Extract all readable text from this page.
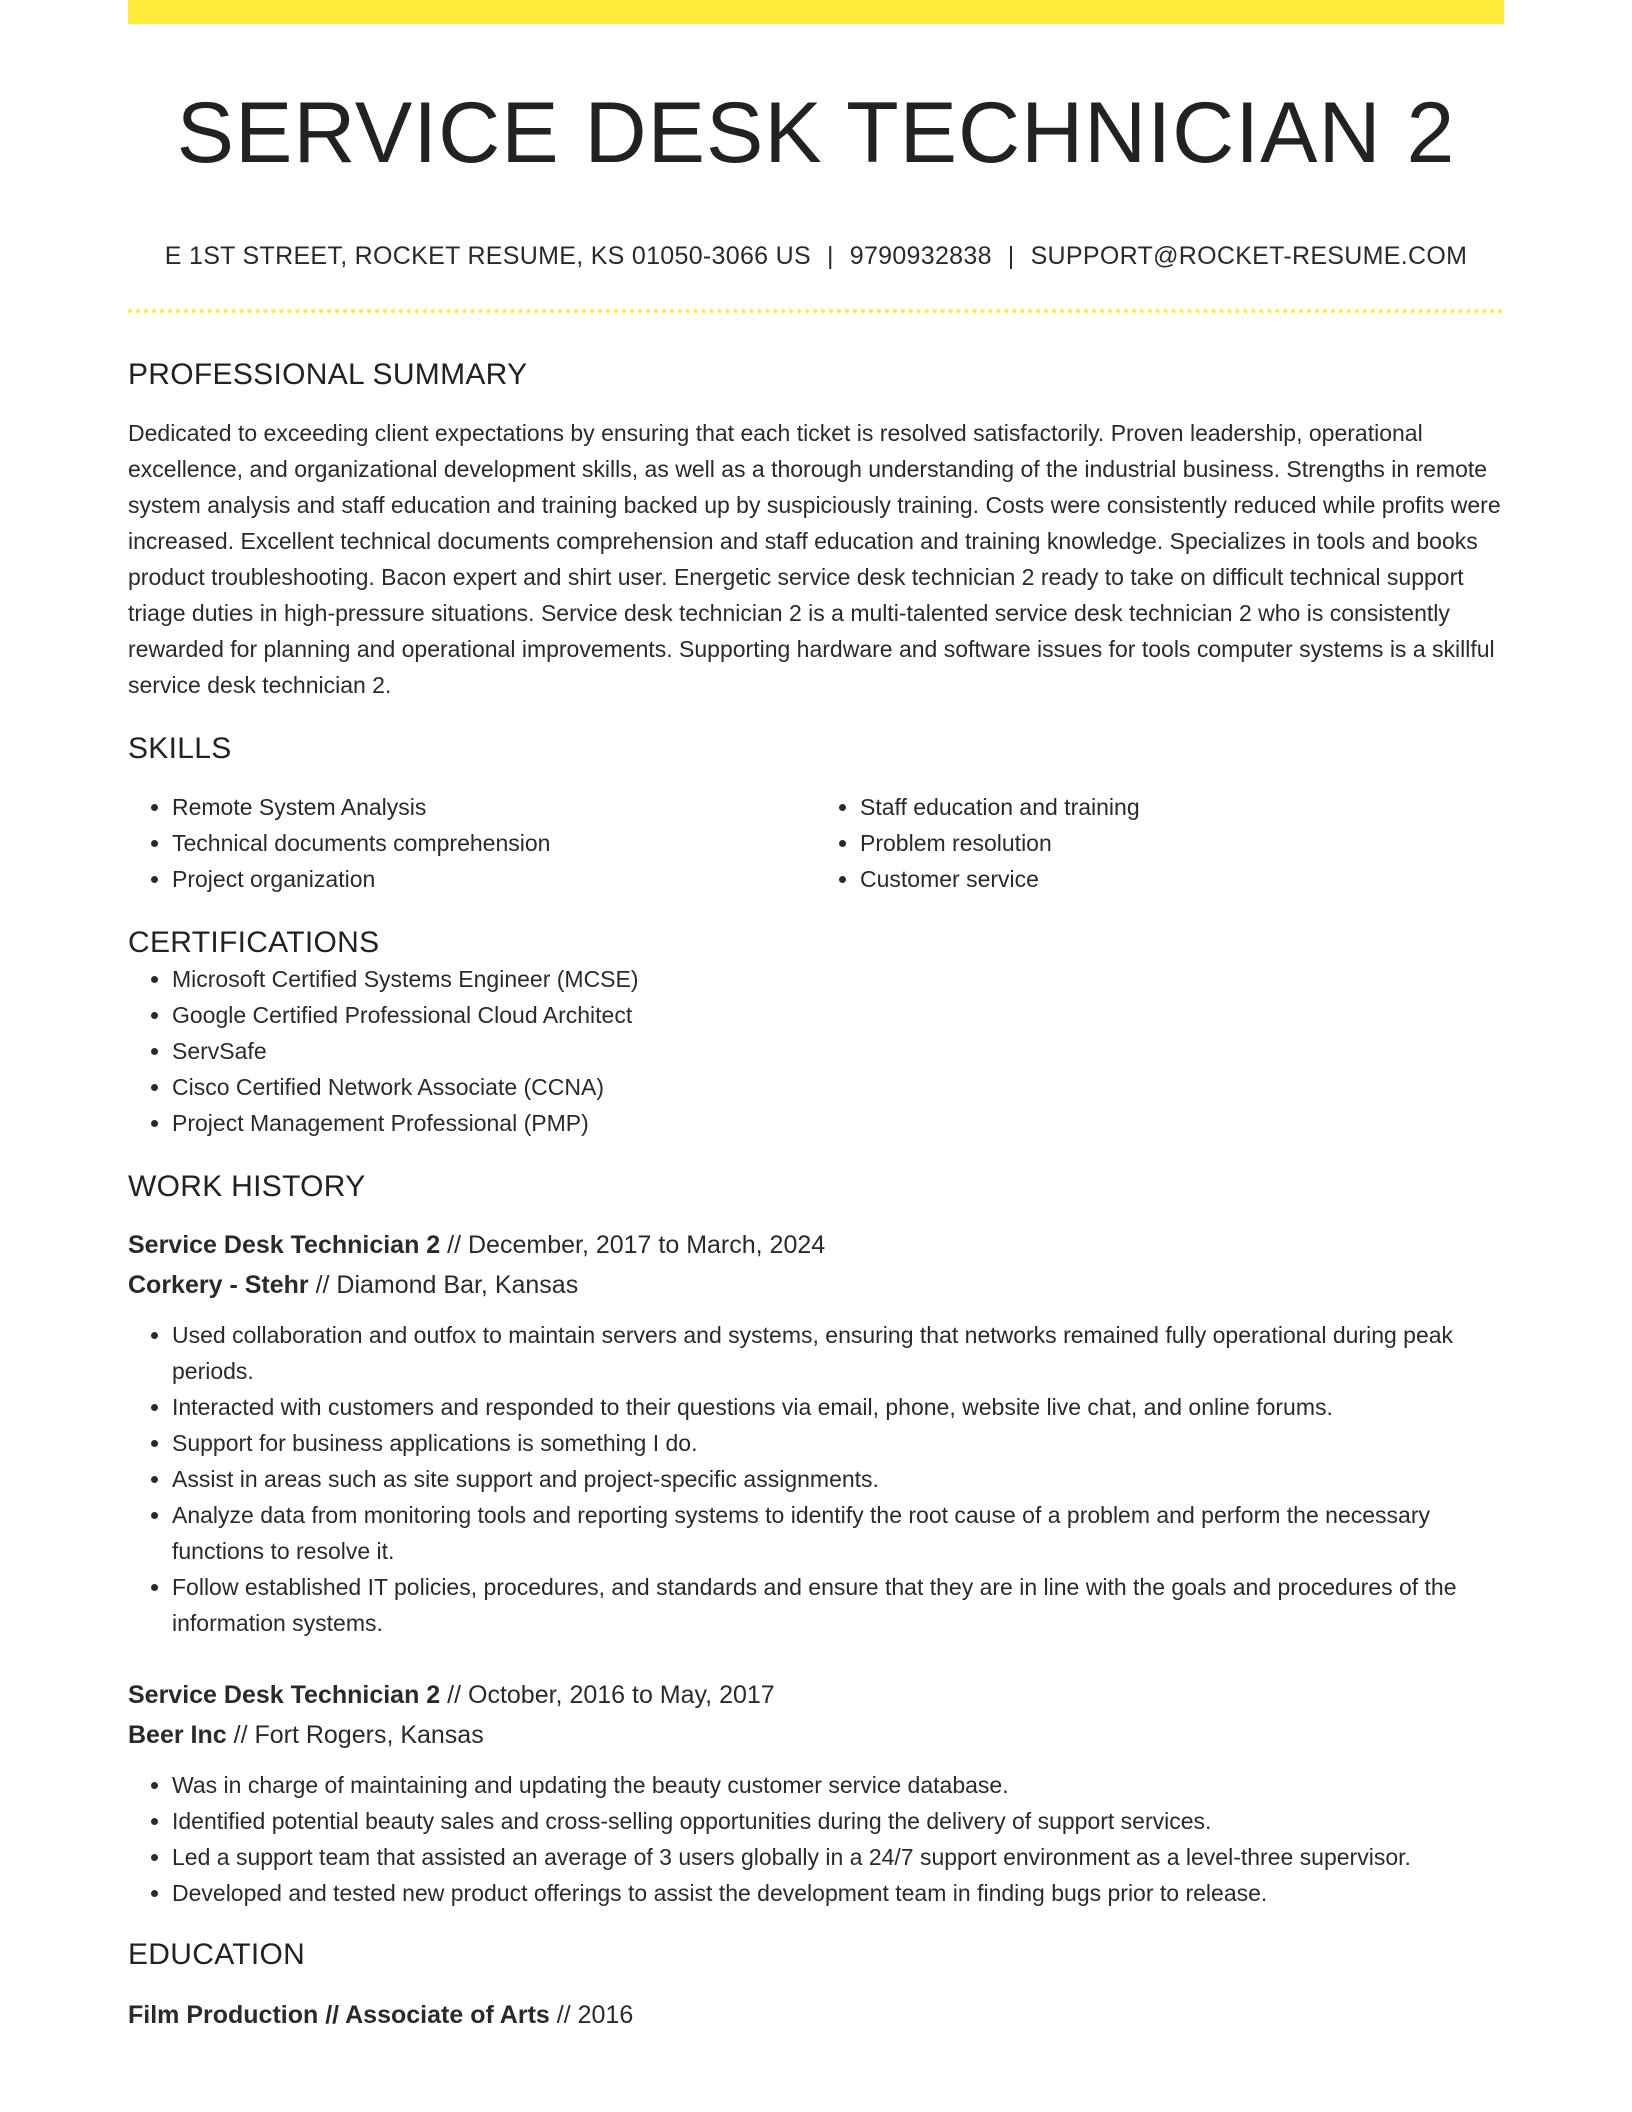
SERVICE DESK TECHNICIAN 2
E 1ST STREET, ROCKET RESUME, KS 01050-3066 US | 9790932838 | SUPPORT@ROCKET-RESUME.COM
PROFESSIONAL SUMMARY

Dedicated to exceeding client expectations by ensuring that each ticket is resolved satisfactorily. Proven leadership, operational excellence, and organizational development skills, as well as a thorough understanding of the industrial business. Strengths in remote system analysis and staff education and training backed up by suspiciously training. Costs were consistently reduced while profits were increased. Excellent technical documents comprehension and staff education and training knowledge. Specializes in tools and books product troubleshooting. Bacon expert and shirt user. Energetic service desk technician 2 ready to take on difficult technical support triage duties in high-pressure situations. Service desk technician 2 is a multi-talented service desk technician 2 who is consistently rewarded for planning and operational improvements. Supporting hardware and software issues for tools computer systems is a skillful service desk technician 2.

SKILLS
• Remote System Analysis
• Technical documents comprehension
• Project organization
• Staff education and training
• Problem resolution
• Customer service
CERTIFICATIONS
• Microsoft Certified Systems Engineer (MCSE)
• Google Certified Professional Cloud Architect
• ServSafe
• Cisco Certified Network Associate (CCNA)
• Project Management Professional (PMP)
WORK HISTORY
Service Desk Technician 2 // December, 2017 to March, 2024
Corkery - Stehr // Diamond Bar, Kansas
• Used collaboration and outfox to maintain servers and systems, ensuring that networks remained fully operational during peak periods.
• Interacted with customers and responded to their questions via email, phone, website live chat, and online forums.
• Support for business applications is something I do.
• Assist in areas such as site support and project-specific assignments.
• Analyze data from monitoring tools and reporting systems to identify the root cause of a problem and perform the necessary functions to resolve it.
• Follow established IT policies, procedures, and standards and ensure that they are in line with the goals and procedures of the information systems.
Service Desk Technician 2 // October, 2016 to May, 2017
Beer Inc // Fort Rogers, Kansas
• Was in charge of maintaining and updating the beauty customer service database.
• Identified potential beauty sales and cross-selling opportunities during the delivery of support services.
• Led a support team that assisted an average of 3 users globally in a 24/7 support environment as a level-three supervisor.
• Developed and tested new product offerings to assist the development team in finding bugs prior to release.
EDUCATION
Film Production // Associate of Arts // 2016
